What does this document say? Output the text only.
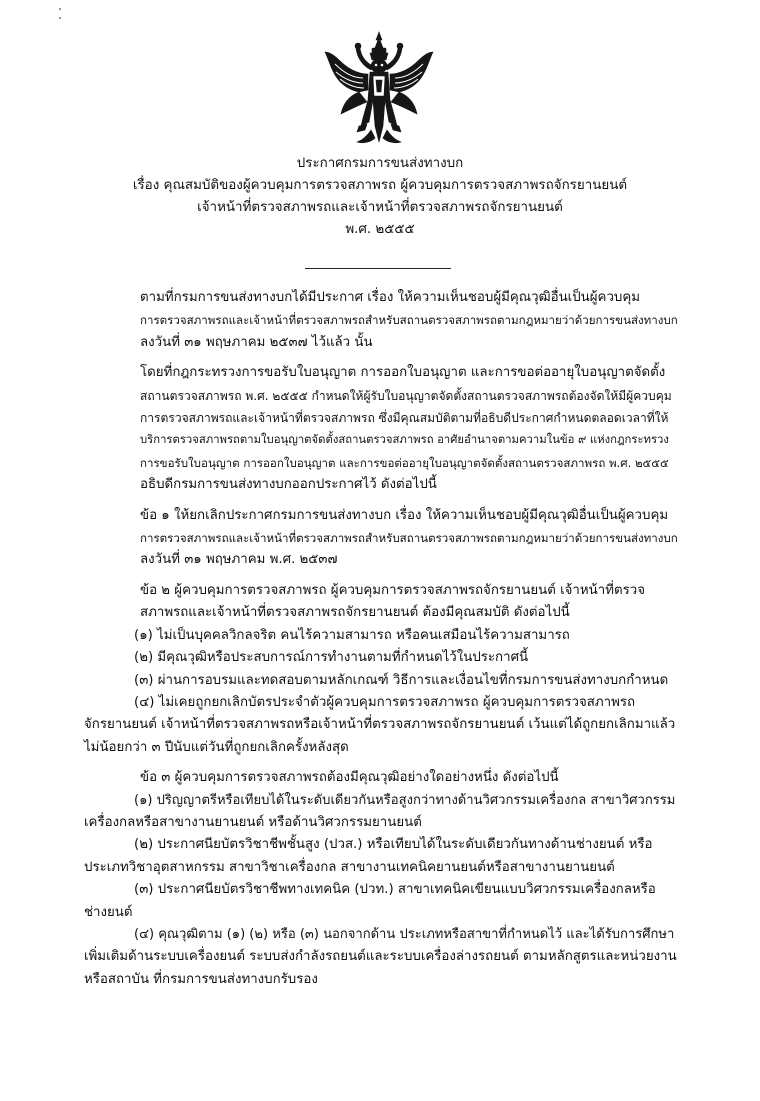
ประกาศกรมการขนส่งทางบก
เรื่อง คุณสมบัติของผู้ควบคุมการตรวจสภาพรถ ผู้ควบคุมการตรวจสภาพรถจักรยานยนต์
เจ้าหน้าที่ตรวจสภาพรถและเจ้าหน้าที่ตรวจสภาพรถจักรยานยนต์
พ.ศ. ๒๕๕๕

ตามที่กรมการขนส่งทางบกได้มีประกาศ เรื่อง ให้ความเห็นชอบผู้มีคุณวุฒิอื่นเป็นผู้ควบคุม
การตรวจสภาพรถและเจ้าหน้าที่ตรวจสภาพรถสำหรับสถานตรวจสภาพรถตามกฎหมายว่าด้วยการขนส่งทางบก
ลงวันที่ ๓๑ พฤษภาคม ๒๕๓๗ ไว้แล้ว นั้น

โดยที่กฎกระทรวงการขอรับใบอนุญาต การออกใบอนุญาต และการขอต่ออายุใบอนุญาตจัดตั้ง
สถานตรวจสภาพรถ พ.ศ. ๒๕๕๕ กำหนดให้ผู้รับใบอนุญาตจัดตั้งสถานตรวจสภาพรถต้องจัดให้มีผู้ควบคุม
การตรวจสภาพรถและเจ้าหน้าที่ตรวจสภาพรถ ซึ่งมีคุณสมบัติตามที่อธิบดีประกาศกำหนดตลอดเวลาที่ให้
บริการตรวจสภาพรถตามใบอนุญาตจัดตั้งสถานตรวจสภาพรถ อาศัยอำนาจตามความในข้อ ๙ แห่งกฎกระทรวง
การขอรับใบอนุญาต การออกใบอนุญาต และการขอต่ออายุใบอนุญาตจัดตั้งสถานตรวจสภาพรถ พ.ศ. ๒๕๕๕
อธิบดีกรมการขนส่งทางบกออกประกาศไว้ ดังต่อไปนี้

ข้อ ๑ ให้ยกเลิกประกาศกรมการขนส่งทางบก เรื่อง ให้ความเห็นชอบผู้มีคุณวุฒิอื่นเป็นผู้ควบคุม
การตรวจสภาพรถและเจ้าหน้าที่ตรวจสภาพรถสำหรับสถานตรวจสภาพรถตามกฎหมายว่าด้วยการขนส่งทางบก
ลงวันที่ ๓๑ พฤษภาคม พ.ศ. ๒๕๓๗

ข้อ ๒ ผู้ควบคุมการตรวจสภาพรถ ผู้ควบคุมการตรวจสภาพรถจักรยานยนต์ เจ้าหน้าที่ตรวจ
สภาพรถและเจ้าหน้าที่ตรวจสภาพรถจักรยานยนต์ ต้องมีคุณสมบัติ ดังต่อไปนี้

(๑) ไม่เป็นบุคคลวิกลจริต คนไร้ความสามารถ หรือคนเสมือนไร้ความสามารถ

(๒) มีคุณวุฒิหรือประสบการณ์การทำงานตามที่กำหนดไว้ในประกาศนี้

(๓) ผ่านการอบรมและทดสอบตามหลักเกณฑ์ วิธีการและเงื่อนไขที่กรมการขนส่งทางบกกำหนด

(๔) ไม่เคยถูกยกเลิกบัตรประจำตัวผู้ควบคุมการตรวจสภาพรถ ผู้ควบคุมการตรวจสภาพรถ
จักรยานยนต์ เจ้าหน้าที่ตรวจสภาพรถหรือเจ้าหน้าที่ตรวจสภาพรถจักรยานยนต์ เว้นแต่ได้ถูกยกเลิกมาแล้ว
ไม่น้อยกว่า ๓ ปีนับแต่วันที่ถูกยกเลิกครั้งหลังสุด

ข้อ ๓ ผู้ควบคุมการตรวจสภาพรถต้องมีคุณวุฒิอย่างใดอย่างหนึ่ง ดังต่อไปนี้

(๑) ปริญญาตรีหรือเทียบได้ในระดับเดียวกันหรือสูงกว่าทางด้านวิศวกรรมเครื่องกล สาขาวิศวกรรม
เครื่องกลหรือสาขางานยานยนต์ หรือด้านวิศวกรรมยานยนต์

(๒) ประกาศนียบัตรวิชาชีพชั้นสูง (ปวส.) หรือเทียบได้ในระดับเดียวกันทางด้านช่างยนต์ หรือ
ประเภทวิชาอุตสาหกรรม สาขาวิชาเครื่องกล สาขางานเทคนิคยานยนต์หรือสาขางานยานยนต์

(๓) ประกาศนียบัตรวิชาชีพทางเทคนิค (ปวท.) สาขาเทคนิคเขียนแบบวิศวกรรมเครื่องกลหรือ
ช่างยนต์

(๔) คุณวุฒิตาม (๑) (๒) หรือ (๓) นอกจากด้าน ประเภทหรือสาขาที่กำหนดไว้ และได้รับการศึกษา
เพิ่มเติมด้านระบบเครื่องยนต์ ระบบส่งกำลังรถยนต์และระบบเครื่องล่างรถยนต์ ตามหลักสูตรและหน่วยงาน
หรือสถาบัน ที่กรมการขนส่งทางบกรับรอง
